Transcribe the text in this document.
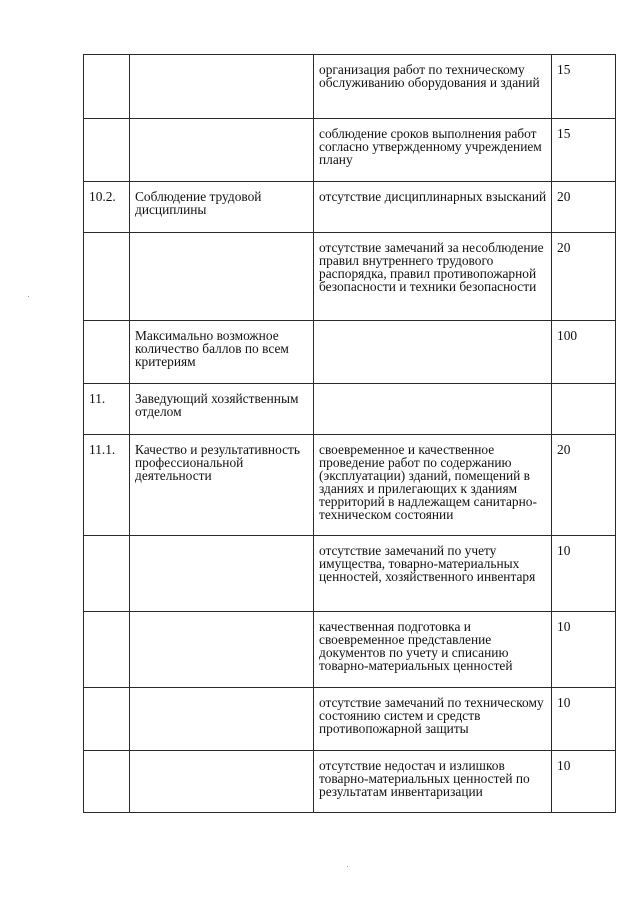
		организация работ по техническому обслуживанию оборудования и зданий	15
		соблюдение сроков выполнения работ согласно утвержденному учреждением плану	15
10.2.	Соблюдение трудовой дисциплины	отсутствие дисциплинарных взысканий	20
		отсутствие замечаний за несоблюдение правил внутреннего трудового распорядка, правил противопожарной безопасности и техники безопасности	20
	Максимально возможное количество баллов по всем критериям		100
11.	Заведующий хозяйственным отделом		
11.1.	Качество и результативность профессиональной деятельности	своевременное и качественное проведение работ по содержанию (эксплуатации) зданий, помещений в зданиях и прилегающих к зданиям территорий в надлежащем санитарно-техническом состоянии	20
		отсутствие замечаний по учету имущества, товарно-материальных ценностей, хозяйственного инвентаря	10
		качественная подготовка и своевременное представление документов по учету и списанию товарно-материальных ценностей	10
		отсутствие замечаний по техническому состоянию систем и средств противопожарной защиты	10
		отсутствие недостач и излишков товарно-материальных ценностей по результатам инвентаризации	10
